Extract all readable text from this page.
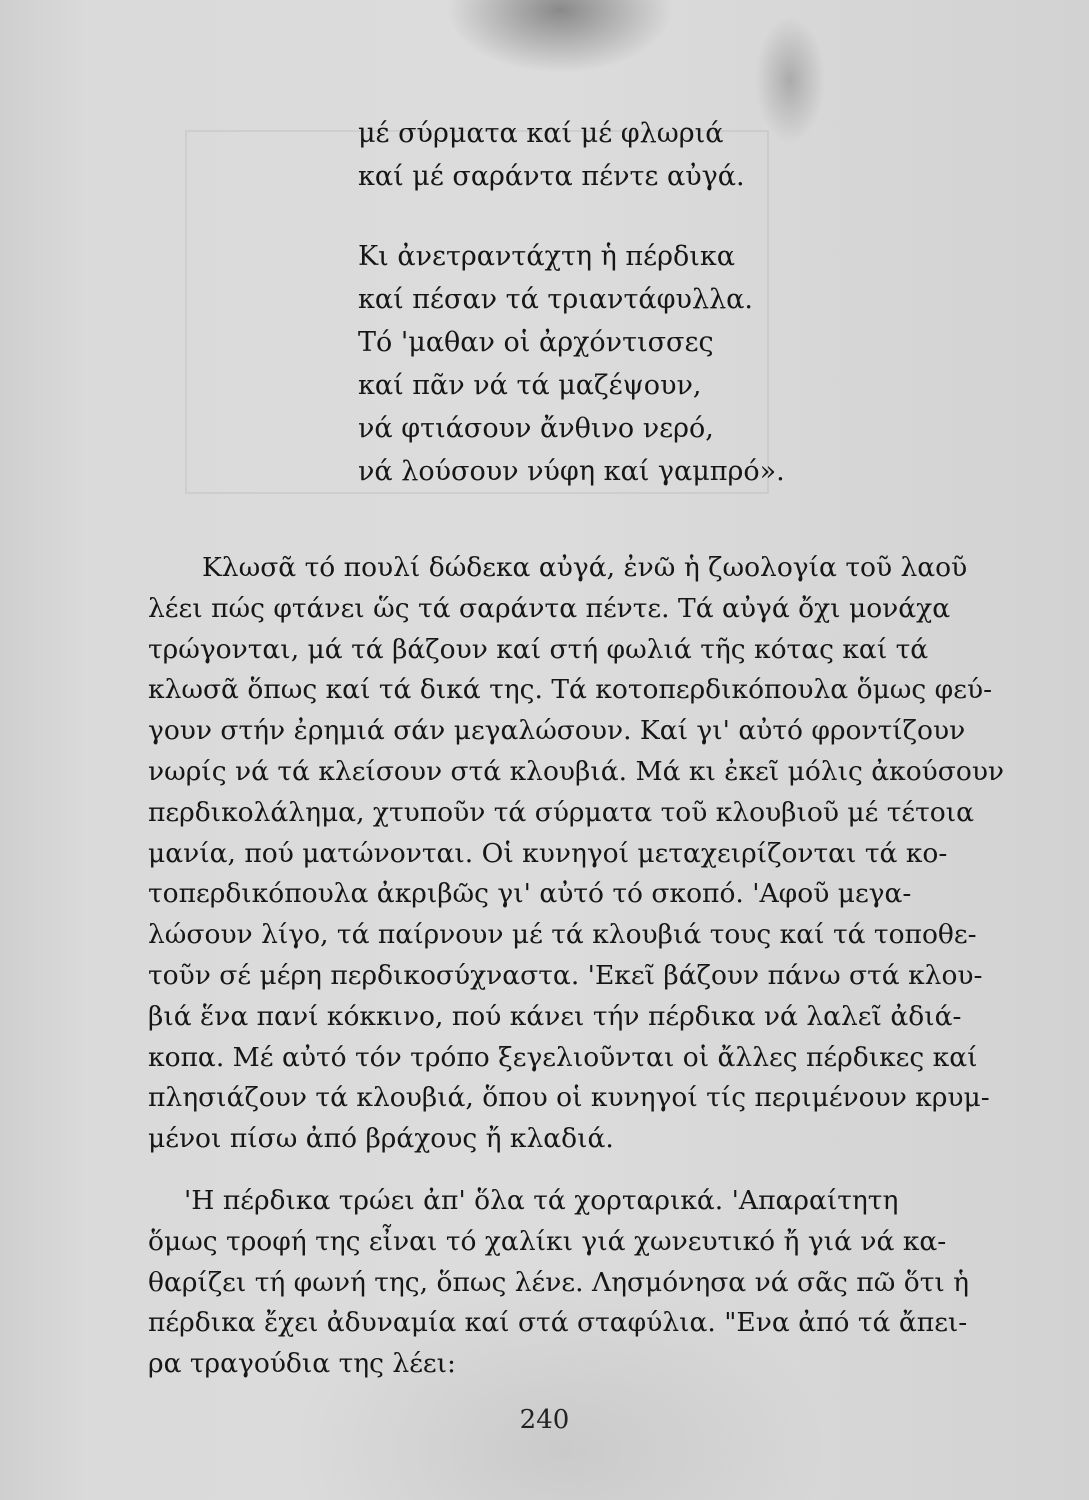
μέ σύρματα καί μέ φλωριά
καί μέ σαράντα πέντε αὐγά.
Κι ἀνετραντάχτη ἡ πέρδικα
καί πέσαν τά τριαντάφυλλα.
Τό 'μαθαν οἱ ἀρχόντισσες
καί πᾶν νά τά μαζέψουν,
νά φτιάσουν ἄνθινο νερό,
νά λούσουν νύφη καί γαμπρό».
Κλωσᾶ τό πουλί δώδεκα αὐγά, ἐνῶ ἡ ζωολογία τοῦ λαοῦ
λέει πώς φτάνει ὥς τά σαράντα πέντε. Τά αὐγά ὄχι μονάχα
τρώγονται, μά τά βάζουν καί στή φωλιά τῆς κότας καί τά
κλωσᾶ ὅπως καί τά δικά της. Τά κοτοπερδικόπουλα ὅμως φεύ-
γουν στήν ἐρημιά σάν μεγαλώσουν. Καί γι' αὐτό φροντίζουν
νωρίς νά τά κλείσουν στά κλουβιά. Μά κι ἐκεῖ μόλις ἀκούσουν
περδικολάλημα, χτυποῦν τά σύρματα τοῦ κλουβιοῦ μέ τέτοια
μανία, πού ματώνονται. Οἱ κυνηγοί μεταχειρίζονται τά κο-
τοπερδικόπουλα ἀκριβῶς γι' αὐτό τό σκοπό. 'Αφοῦ μεγα-
λώσουν λίγο, τά παίρνουν μέ τά κλουβιά τους καί τά τοποθε-
τοῦν σέ μέρη περδικοσύχναστα. 'Εκεῖ βάζουν πάνω στά κλου-
βιά ἕνα πανί κόκκινο, πού κάνει τήν πέρδικα νά λαλεῖ ἀδιά-
κοπα. Μέ αὐτό τόν τρόπο ξεγελιοῦνται οἱ ἄλλες πέρδικες καί
πλησιάζουν τά κλουβιά, ὅπου οἱ κυνηγοί τίς περιμένουν κρυμ-
μένοι πίσω ἀπό βράχους ἤ κλαδιά.
'Η πέρδικα τρώει ἀπ' ὅλα τά χορταρικά. 'Απαραίτητη
ὅμως τροφή της εἶναι τό χαλίκι γιά χωνευτικό ἤ γιά νά κα-
θαρίζει τή φωνή της, ὅπως λένε. Λησμόνησα νά σᾶς πῶ ὅτι ἡ
πέρδικα ἔχει ἀδυναμία καί στά σταφύλια. "Ενα ἀπό τά ἄπει-
ρα τραγούδια της λέει:
240
